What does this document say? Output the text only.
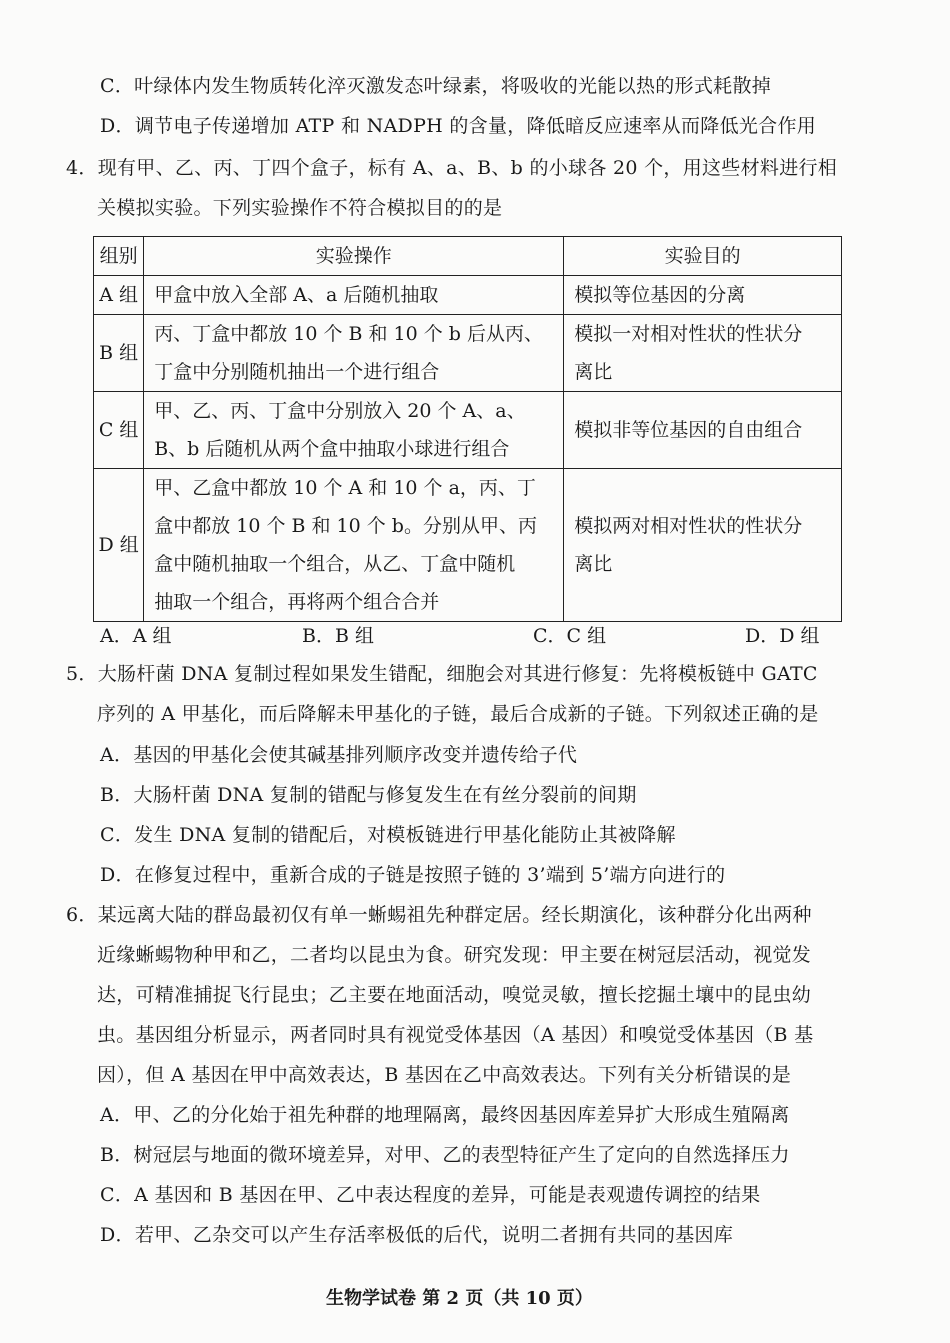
C．叶绿体内发生物质转化淬灭激发态叶绿素，将吸收的光能以热的形式耗散掉
D．调节电子传递增加 ATP 和 NADPH 的含量，降低暗反应速率从而降低光合作用
4．现有甲、乙、丙、丁四个盒子，标有 A、a、B、b 的小球各 20 个，用这些材料进行相
关模拟实验。下列实验操作不符合模拟目的的是
组别	实验操作	实验目的
A 组	甲盒中放入全部 A、a 后随机抽取	模拟等位基因的分离

B 组	丙、丁盒中都放 10 个 B 和 10 个 b 后从丙、
丁盒中分别随机抽出一个进行组合	模拟一对相对性状的性状分
离比

C 组	甲、乙、丙、丁盒中分别放入 20 个 A、a、
B、b 后随机从两个盒中抽取小球进行组合	模拟非等位基因的自由组合

D 组	甲、乙盒中都放 10 个 A 和 10 个 a，丙、丁
盒中都放 10 个 B 和 10 个 b。分别从甲、丙
盒中随机抽取一个组合，从乙、丁盒中随机
抽取一个组合，再将两个组合合并	模拟两对相对性状的性状分
离比
A．A 组	B．B 组	C．C 组	D．D 组
5．大肠杆菌 DNA 复制过程如果发生错配，细胞会对其进行修复：先将模板链中 GATC
序列的 A 甲基化，而后降解未甲基化的子链，最后合成新的子链。下列叙述正确的是
A．基因的甲基化会使其碱基排列顺序改变并遗传给子代
B．大肠杆菌 DNA 复制的错配与修复发生在有丝分裂前的间期
C．发生 DNA 复制的错配后，对模板链进行甲基化能防止其被降解
D．在修复过程中，重新合成的子链是按照子链的 3’端到 5’端方向进行的
6．某远离大陆的群岛最初仅有单一蜥蜴祖先种群定居。经长期演化，该种群分化出两种
近缘蜥蜴物种甲和乙，二者均以昆虫为食。研究发现：甲主要在树冠层活动，视觉发
达，可精准捕捉飞行昆虫；乙主要在地面活动，嗅觉灵敏，擅长挖掘土壤中的昆虫幼
虫。基因组分析显示，两者同时具有视觉受体基因（A 基因）和嗅觉受体基因（B 基
因），但 A 基因在甲中高效表达，B 基因在乙中高效表达。下列有关分析错误的是
A．甲、乙的分化始于祖先种群的地理隔离，最终因基因库差异扩大形成生殖隔离
B．树冠层与地面的微环境差异，对甲、乙的表型特征产生了定向的自然选择压力
C．A 基因和 B 基因在甲、乙中表达程度的差异，可能是表观遗传调控的结果
D．若甲、乙杂交可以产生存活率极低的后代，说明二者拥有共同的基因库
生物学试卷 第 2 页（共 10 页）
